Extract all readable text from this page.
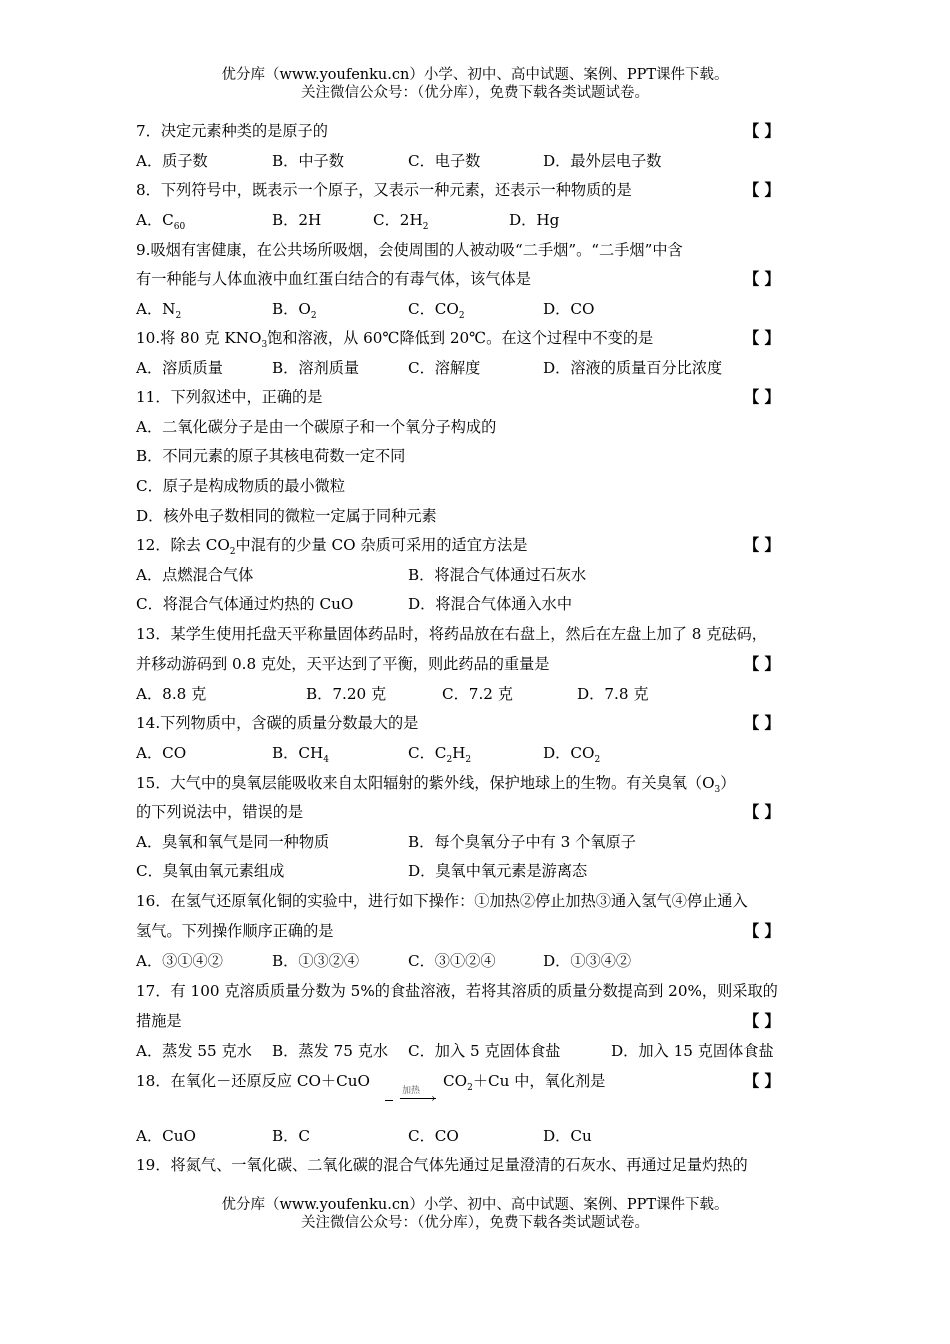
优分库（www.youfenku.cn）小学、初中、高中试题、案例、PPT课件下载。
关注微信公众号：（优分库），免费下载各类试题试卷。
7．决定元素种类的是原子的	【 】
A．质子数	B．中子数	C．电子数	D．最外层电子数
8．下列符号中，既表示一个原子，又表示一种元素，还表示一种物质的是	【 】
A．$C_{60}$	B．2H	C．$2H_2$	D．Hg
9.吸烟有害健康，在公共场所吸烟，会使周围的人被动吸“二手烟”。“二手烟”中含
有一种能与人体血液中血红蛋白结合的有毒气体，该气体是	【 】
A．$N_2$	B．$O_2$	C．$CO_2$	D．CO
10.将 80 克 $KNO_3$饱和溶液，从 60℃降低到 20℃。在这个过程中不变的是	【 】
A．溶质质量	B．溶剂质量	C．溶解度	D．溶液的质量百分比浓度
11．下列叙述中，正确的是	【 】
A．二氧化碳分子是由一个碳原子和一个氧分子构成的
B．不同元素的原子其核电荷数一定不同
C．原子是构成物质的最小微粒
D．核外电子数相同的微粒一定属于同种元素
12．除去 $CO_2$中混有的少量 CO 杂质可采用的适宜方法是	【 】
A．点燃混合气体	B．将混合气体通过石灰水
C．将混合气体通过灼热的 CuO	D．将混合气体通入水中
13．某学生使用托盘天平称量固体药品时，将药品放在右盘上，然后在左盘上加了 8 克砝码，
并移动游码到 0.8 克处，天平达到了平衡，则此药品的重量是	【 】
A．8.8 克	B．7.20 克	C．7.2 克	D．7.8 克
14.下列物质中，含碳的质量分数最大的是	【 】
A．CO	B．$CH_4$	C．$C_2H_2$	D．$CO_2$
15．大气中的臭氧层能吸收来自太阳辐射的紫外线，保护地球上的生物。有关臭氧$(O_3)$
的下列说法中，错误的是	【 】
A．臭氧和氧气是同一种物质	B．每个臭氧分子中有 3 个氧原子
C．臭氧由氧元素组成	D．臭氧中氧元素是游离态
16．在氢气还原氧化铜的实验中，进行如下操作：①加热②停止加热③通入氢气④停止通入
氢气。下列操作顺序正确的是	【 】
A．③①④②	B．①③②④	C．③①②④	D．①③④②
17．有 100 克溶质质量分数为 5%的食盐溶液，若将其溶质的质量分数提高到 20%，则采取的
措施是	【 】
A．蒸发 55 克水 B．蒸发 75 克水 C．加入 5 克固体食盐	D．加入 15 克固体食盐
18．在氧化－还原反应 CO＋CuO
加热 ›
$CO_2+Cu$ 中，氧化剂是	【 】
A．CuO	B．C	C．CO	D．Cu
19．将氮气、一氧化碳、二氧化碳的混合气体先通过足量澄清的石灰水、再通过足量灼热的
优分库（www.youfenku.cn）小学、初中、高中试题、案例、PPT课件下载。
关注微信公众号：（优分库），免费下载各类试题试卷。
